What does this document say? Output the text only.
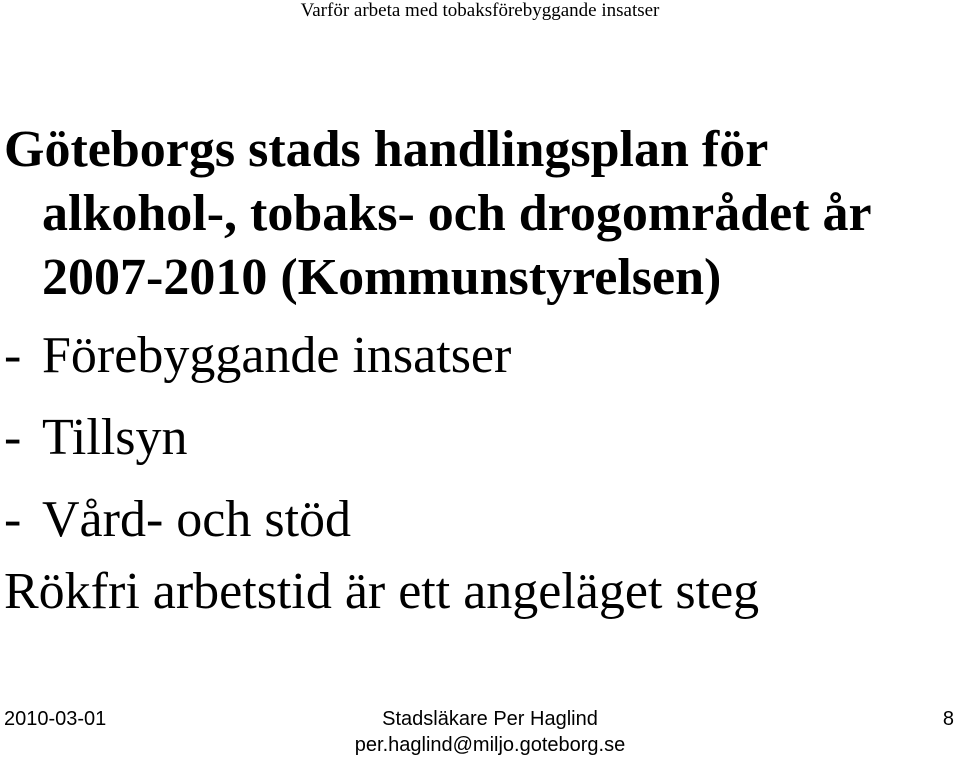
Varför arbeta med tobaksförebyggande insatser
Göteborgs stads handlingsplan för
alkohol-, tobaks- och drogområdet år
2007-2010 (Kommunstyrelsen)
- Förebyggande insatser
- Tillsyn
- Vård- och stöd
Rökfri arbetstid är ett angeläget steg
2010-03-01	Stadsläkare Per Haglind
per.haglind@miljo.goteborg.se
8
